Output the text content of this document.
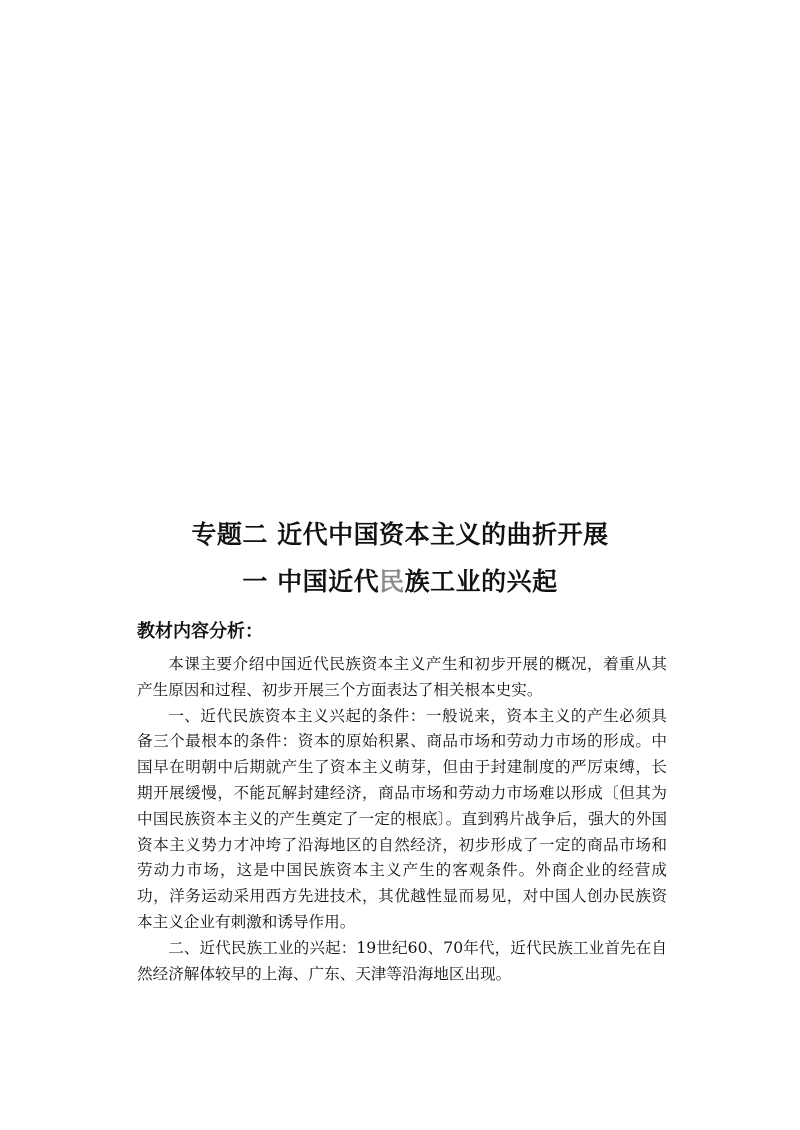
专题二 近代中国资本主义的曲折开展
一 中国近代民族工业的兴起
教材内容分析：

本课主要介绍中国近代民族资本主义产生和初步开展的概况，着重从其产生原因和过程、初步开展三个方面表达了相关根本史实。

一、近代民族资本主义兴起的条件：一般说来，资本主义的产生必须具备三个最根本的条件：资本的原始积累、商品市场和劳动力市场的形成。中国早在明朝中后期就产生了资本主义萌芽，但由于封建制度的严厉束缚，长期开展缓慢，不能瓦解封建经济，商品市场和劳动力市场难以形成〔但其为中国民族资本主义的产生奠定了一定的根底〕。直到鸦片战争后，强大的外国资本主义势力才冲垮了沿海地区的自然经济，初步形成了一定的商品市场和劳动力市场，这是中国民族资本主义产生的客观条件。外商企业的经营成功，洋务运动采用西方先进技术，其优越性显而易见，对中国人创办民族资本主义企业有刺激和诱导作用。

二、近代民族工业的兴起：19世纪60、70年代，近代民族工业首先在自然经济解体较早的上海、广东、天津等沿海地区出现。
